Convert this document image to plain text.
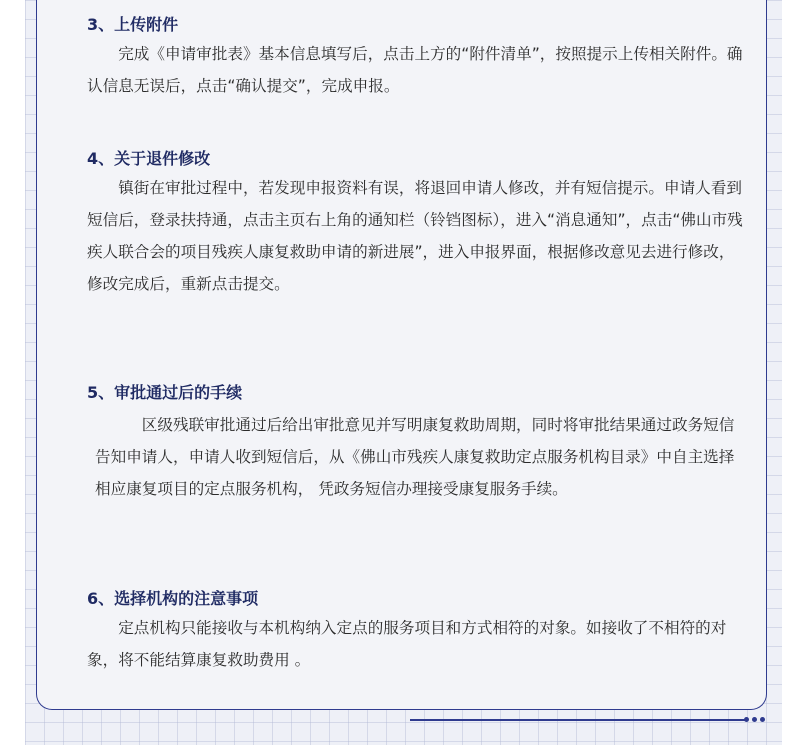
3、上传附件

完成《申请审批表》基本信息填写后，点击上方的“附件清单”，按照提示上传相关附件。确认信息无误后，点击“确认提交”，完成申报。

4、关于退件修改

镇街在审批过程中，若发现申报资料有误，将退回申请人修改，并有短信提示。申请人看到短信后，登录扶持通，点击主页右上角的通知栏（铃铛图标），进入“消息通知”，点击“佛山市残疾人联合会的项目残疾人康复救助申请的新进展”，进入申报界面，根据修改意见去进行修改，修改完成后，重新点击提交。

5、审批通过后的手续

区级残联审批通过后给出审批意见并写明康复救助周期，同时将审批结果通过政务短信告知申请人，申请人收到短信后，从《佛山市残疾人康复救助定点服务机构目录》中自主选择相应康复项目的定点服务机构， 凭政务短信办理接受康复服务手续。

6、选择机构的注意事项

定点机构只能接收与本机构纳入定点的服务项目和方式相符的对象。如接收了不相符的对象，将不能结算康复救助费用 。
